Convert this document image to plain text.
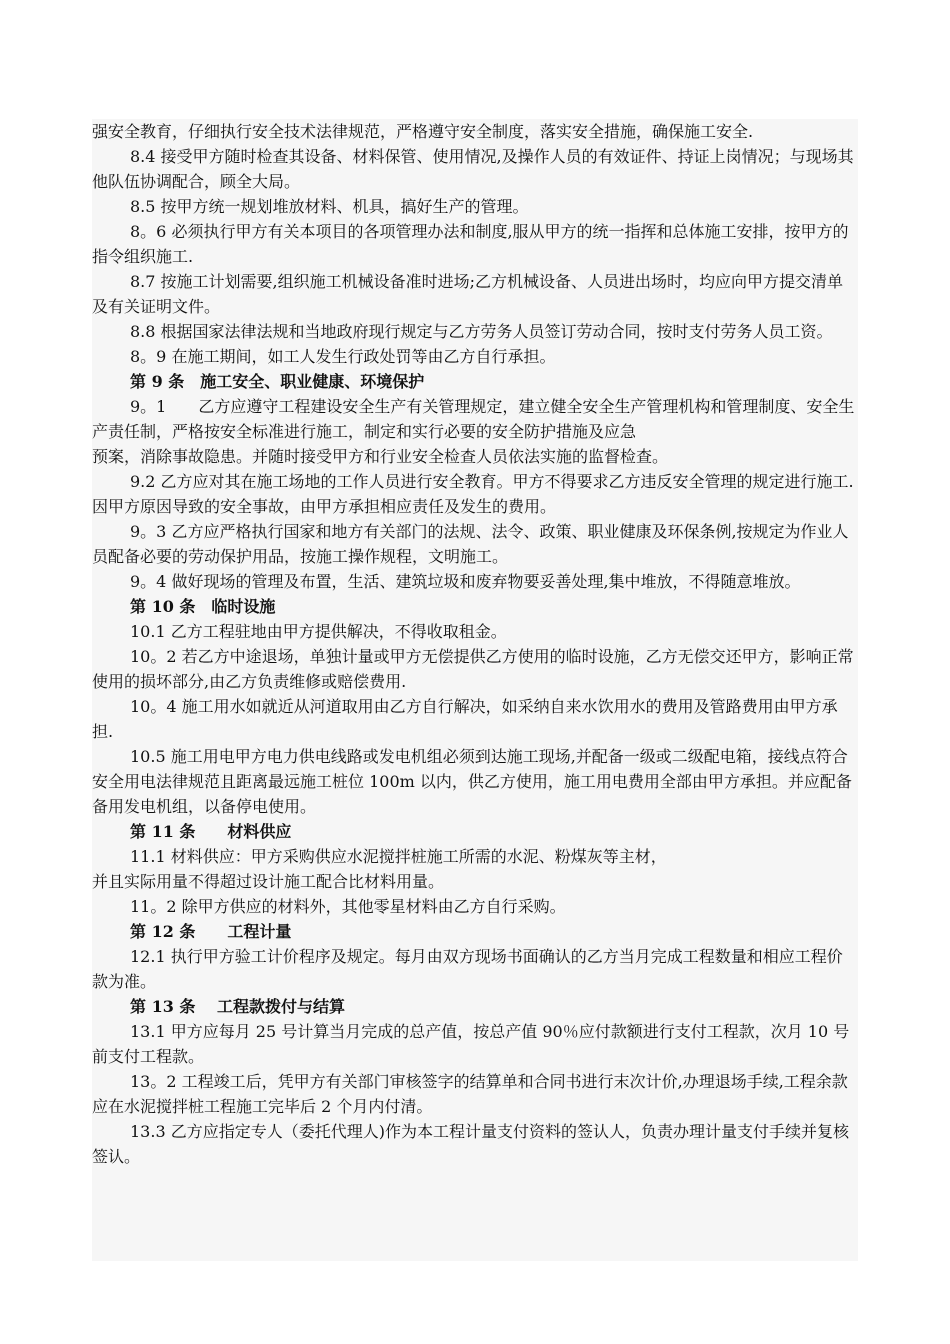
强安全教育，仔细执行安全技术法律规范，严格遵守安全制度，落实安全措施，确保施工安全.

8.4 接受甲方随时检查其设备、材料保管、使用情况,及操作人员的有效证件、持证上岗情况；与现场其他队伍协调配合，顾全大局。

8.5 按甲方统一规划堆放材料、机具，搞好生产的管理。

8。6 必须执行甲方有关本项目的各项管理办法和制度,服从甲方的统一指挥和总体施工安排，按甲方的指令组织施工.

8.7 按施工计划需要,组织施工机械设备准时进场;乙方机械设备、人员进出场时，均应向甲方提交清单及有关证明文件。

8.8 根据国家法律法规和当地政府现行规定与乙方劳务人员签订劳动合同，按时支付劳务人员工资。

8。9 在施工期间，如工人发生行政处罚等由乙方自行承担。

第 9 条　施工安全、职业健康、环境保护

9。1　　乙方应遵守工程建设安全生产有关管理规定，建立健全安全生产管理机构和管理制度、安全生产责任制，严格按安全标准进行施工，制定和实行必要的安全防护措施及应急

预案，消除事故隐患。并随时接受甲方和行业安全检查人员依法实施的监督检查。

9.2 乙方应对其在施工场地的工作人员进行安全教育。甲方不得要求乙方违反安全管理的规定进行施工.因甲方原因导致的安全事故，由甲方承担相应责任及发生的费用。

9。3 乙方应严格执行国家和地方有关部门的法规、法令、政策、职业健康及环保条例,按规定为作业人员配备必要的劳动保护用品，按施工操作规程，文明施工。

9。4 做好现场的管理及布置，生活、建筑垃圾和废弃物要妥善处理,集中堆放，不得随意堆放。

第 10 条　临时设施

10.1 乙方工程驻地由甲方提供解决，不得收取租金。

10。2 若乙方中途退场，单独计量或甲方无偿提供乙方使用的临时设施，乙方无偿交还甲方，影响正常使用的损坏部分,由乙方负责维修或赔偿费用.

10。4 施工用水如就近从河道取用由乙方自行解决，如采纳自来水饮用水的费用及管路费用由甲方承担.

10.5 施工用电甲方电力供电线路或发电机组必须到达施工现场,并配备一级或二级配电箱，接线点符合安全用电法律规范且距离最远施工桩位 100m 以内，供乙方使用，施工用电费用全部由甲方承担。并应配备备用发电机组，以备停电使用。

第 11 条　　材料供应

11.1 材料供应：甲方采购供应水泥搅拌桩施工所需的水泥、粉煤灰等主材，

并且实际用量不得超过设计施工配合比材料用量。

11。2 除甲方供应的材料外，其他零星材料由乙方自行采购。

第 12 条　　工程计量

12.1 执行甲方验工计价程序及规定。每月由双方现场书面确认的乙方当月完成工程数量和相应工程价款为准。

第 13 条　 工程款拨付与结算

13.1 甲方应每月 25 号计算当月完成的总产值，按总产值 90％应付款额进行支付工程款，次月 10 号前支付工程款。

13。2 工程竣工后，凭甲方有关部门审核签字的结算单和合同书进行末次计价,办理退场手续,工程余款应在水泥搅拌桩工程施工完毕后 2 个月内付清。

13.3 乙方应指定专人（委托代理人)作为本工程计量支付资料的签认人，负责办理计量支付手续并复核签认。
